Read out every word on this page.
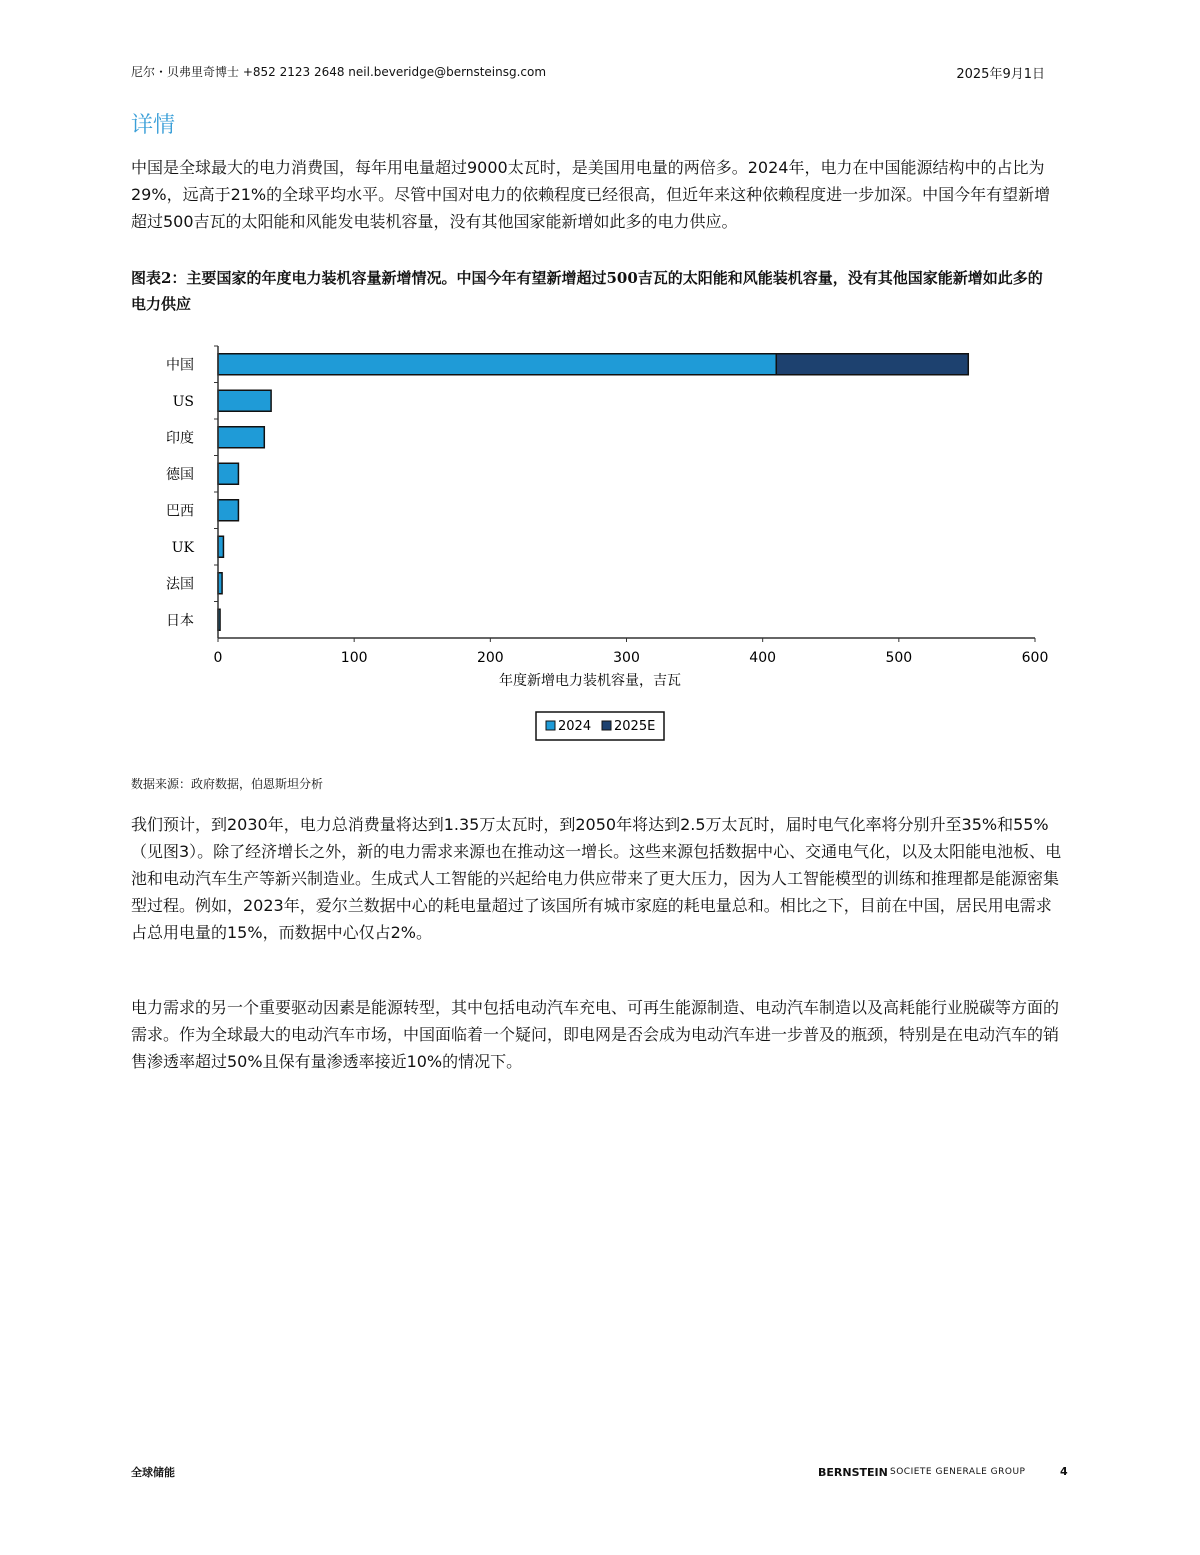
尼尔・贝弗里奇博士 +852 2123 2648 neil.beveridge@bernsteinsg.com	2025年9月1日
详情
中国是全球最大的电力消费国，每年用电量超过9000太瓦时，是美国用电量的两倍多。2024年，电力在中国能源结构中的占比为29%，远高于21%的全球平均水平。尽管中国对电力的依赖程度已经很高，但近年来这种依赖程度进一步加深。中国今年有望新增超过500吉瓦的太阳能和风能发电装机容量，没有其他国家能新增如此多的电力供应。
图表2：主要国家的年度电力装机容量新增情况。中国今年有望新增超过500吉瓦的太阳能和风能装机容量，没有其他国家能新增如此多的电力供应
中国
US
印度
德国
巴西
UK
法国
日本
0	100	200	300	400	500	600
年度新增电力装机容量，吉瓦
2024 2025E
数据来源：政府数据，伯恩斯坦分析
我们预计，到2030年，电力总消费量将达到1.35万太瓦时，到2050年将达到2.5万太瓦时，届时电气化率将分别升至35%和55%（见图3）。除了经济增长之外，新的电力需求来源也在推动这一增长。这些来源包括数据中心、交通电气化，以及太阳能电池板、电池和电动汽车生产等新兴制造业。生成式人工智能的兴起给电力供应带来了更大压力，因为人工智能模型的训练和推理都是能源密集型过程。例如，2023年，爱尔兰数据中心的耗电量超过了该国所有城市家庭的耗电量总和。相比之下，目前在中国，居民用电需求占总用电量的15%，而数据中心仅占2%。
电力需求的另一个重要驱动因素是能源转型，其中包括电动汽车充电、可再生能源制造、电动汽车制造以及高耗能行业脱碳等方面的需求。作为全球最大的电动汽车市场，中国面临着一个疑问，即电网是否会成为电动汽车进一步普及的瓶颈，特别是在电动汽车的销售渗透率超过50%且保有量渗透率接近10%的情况下。
全球储能	BERNSTEIN SOCIETE GENERALE GROUP	4
